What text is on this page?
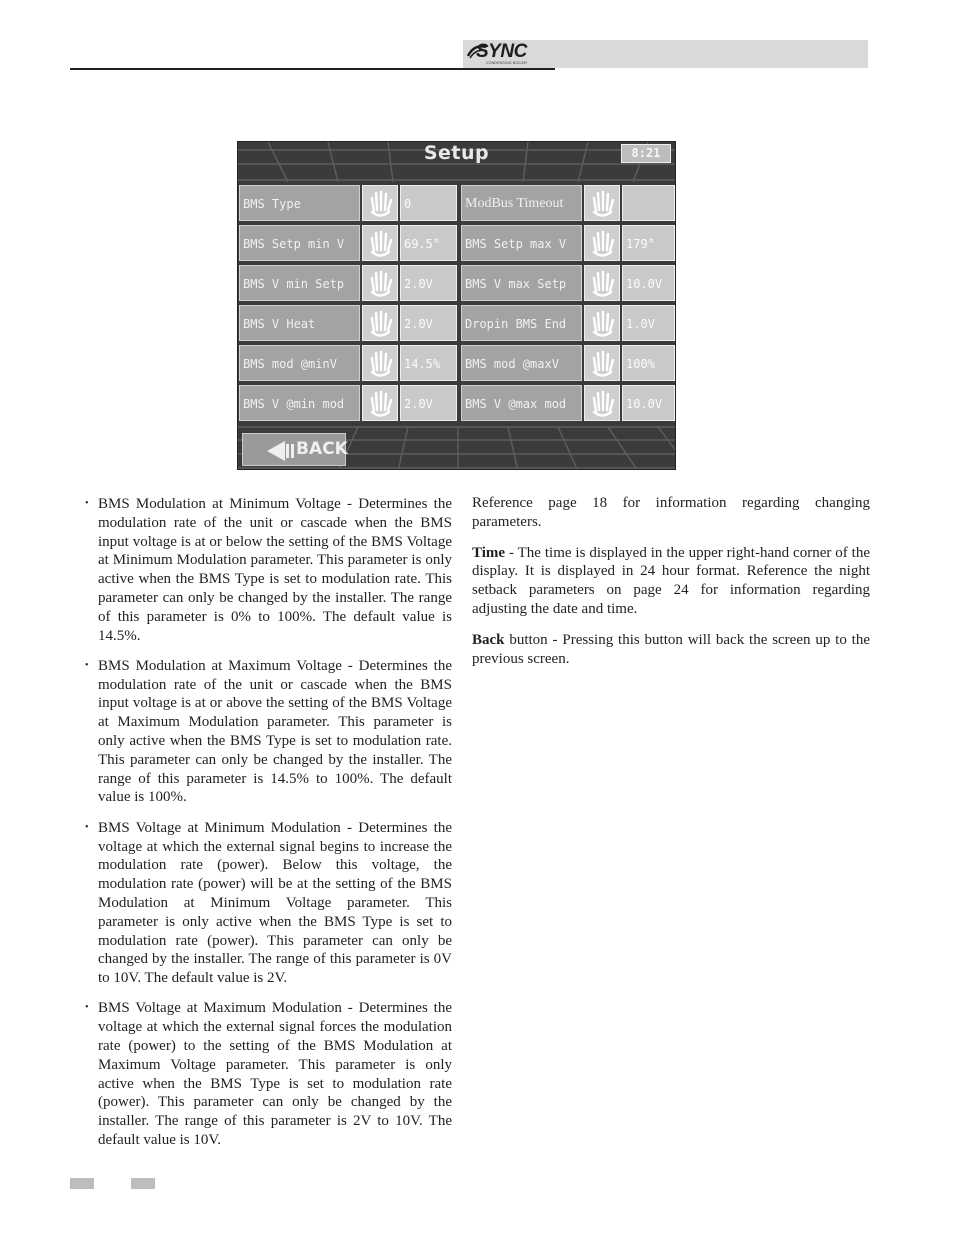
SYNC
CONDENSING BOILER
Setup	8:21
BMS Type	0	ModBus Timeout
BMS Setp min V	69.5°	BMS Setp max V	179°
BMS V min Setp	2.0V	BMS V max Setp	10.0V
BMS V Heat	2.0V	Dropin BMS End	1.0V
BMS mod @minV	14.5%	BMS mod @maxV	100%
BMS V @min mod	2.0V	BMS V @max mod	10.0V
BACK

• BMS Modulation at Minimum Voltage - Determines the modulation rate of the unit or cascade when the BMS input voltage is at or below the setting of the BMS Voltage at Minimum Modulation parameter. This parameter is only active when the BMS Type is set to modulation rate. This parameter can only be changed by the installer. The range of this parameter is 0% to 100%. The default value is 14.5%.

• BMS Modulation at Maximum Voltage - Determines the modulation rate of the unit or cascade when the BMS input voltage is at or above the setting of the BMS Voltage at Maximum Modulation parameter. This parameter is only active when the BMS Type is set to modulation rate. This parameter can only be changed by the installer. The range of this parameter is 14.5% to 100%. The default value is 100%.

• BMS Voltage at Minimum Modulation - Determines the voltage at which the external signal begins to increase the modulation rate (power). Below this voltage, the modulation rate (power) will be at the setting of the BMS Modulation at Minimum Voltage parameter. This parameter is only active when the BMS Type is set to modulation rate (power). This parameter can only be changed by the installer. The range of this parameter is 0V to 10V. The default value is 2V.

• BMS Voltage at Maximum Modulation - Determines the voltage at which the external signal forces the modulation rate (power) to the setting of the BMS Modulation at Maximum Voltage parameter. This parameter is only active when the BMS Type is set to modulation rate (power). This parameter can only be changed by the installer. The range of this parameter is 2V to 10V. The default value is 10V.

Reference page 18 for information regarding changing parameters.

Time - The time is displayed in the upper right-hand corner of the display. It is displayed in 24 hour format. Reference the night setback parameters on page 24 for information regarding adjusting the date and time.

Back button - Pressing this button will back the screen up to the previous screen.
